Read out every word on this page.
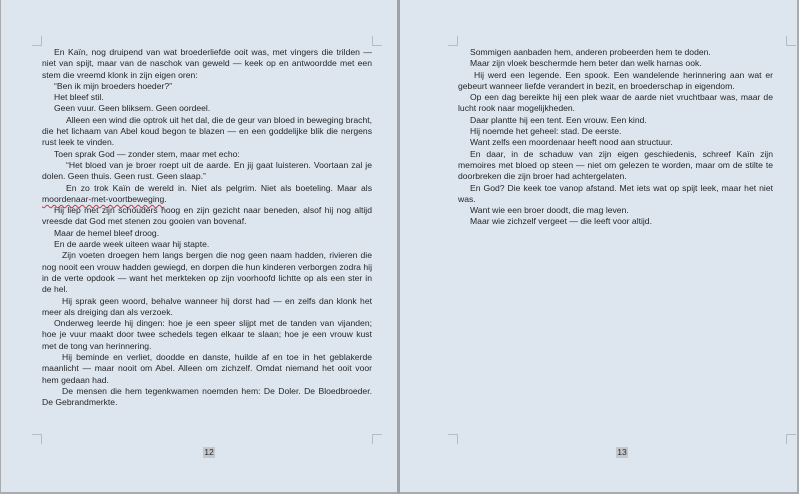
En Kaïn, nog druipend van wat broederliefde ooit was, met vingers die trilden — niet van spijt, maar van de naschok van geweld — keek op en antwoordde met een stem die vreemd klonk in zijn eigen oren:

“Ben ik mijn broeders hoeder?”

Het bleef stil.

Geen vuur. Geen bliksem. Geen oordeel.

Alleen een wind die optrok uit het dal, die de geur van bloed in beweging bracht, die het lichaam van Abel koud begon te blazen — en een goddelijke blik die nergens rust leek te vinden.

Toen sprak God — zonder stem, maar met echo:

“Het bloed van je broer roept uit de aarde. En jij gaat luisteren. Voortaan zal je dolen. Geen thuis. Geen rust. Geen slaap.”

En zo trok Kaïn de wereld in. Niet als pelgrim. Niet als boeteling. Maar als moordenaar-met-voortbeweging.

Hij liep met zijn schouders hoog en zijn gezicht naar beneden, alsof hij nog altijd vreesde dat God met stenen zou gooien van bovenaf.

Maar de hemel bleef droog.

En de aarde week uiteen waar hij stapte.

Zijn voeten droegen hem langs bergen die nog geen naam hadden, rivieren die nog nooit een vrouw hadden gewiegd, en dorpen die hun kinderen verborgen zodra hij in de verte opdook — want het merkteken op zijn voorhoofd lichtte op als een ster in de hel.

Hij sprak geen woord, behalve wanneer hij dorst had — en zelfs dan klonk het meer als dreiging dan als verzoek.

Onderweg leerde hij dingen: hoe je een speer slijpt met de tanden van vijanden; hoe je vuur maakt door twee schedels tegen elkaar te slaan; hoe je een vrouw kust met de tong van herinnering.

Hij beminde en verliet, doodde en danste, huilde af en toe in het geblakerde maanlicht — maar nooit om Abel. Alleen om zichzelf. Omdat niemand het ooit voor hem gedaan had.

De mensen die hem tegenkwamen noemden hem: De Doler. De Bloedbroeder. De Gebrandmerkte.

12

Sommigen aanbaden hem, anderen probeerden hem te doden.

Maar zijn vloek beschermde hem beter dan welk harnas ook.

Hij werd een legende. Een spook. Een wandelende herinnering aan wat er gebeurt wanneer liefde verandert in bezit, en broederschap in eigendom.

Op een dag bereikte hij een plek waar de aarde niet vruchtbaar was, maar de lucht rook naar mogelijkheden.

Daar plantte hij een tent. Een vrouw. Een kind.

Hij noemde het geheel: stad. De eerste.

Want zelfs een moordenaar heeft nood aan structuur.

En daar, in de schaduw van zijn eigen geschiedenis, schreef Kaïn zijn memoires met bloed op steen — niet om gelezen te worden, maar om de stilte te doorbreken die zijn broer had achtergelaten.

En God? Die keek toe vanop afstand. Met iets wat op spijt leek, maar het niet was.

Want wie een broer doodt, die mag leven.

Maar wie zichzelf vergeet — die leeft voor altijd.

13
